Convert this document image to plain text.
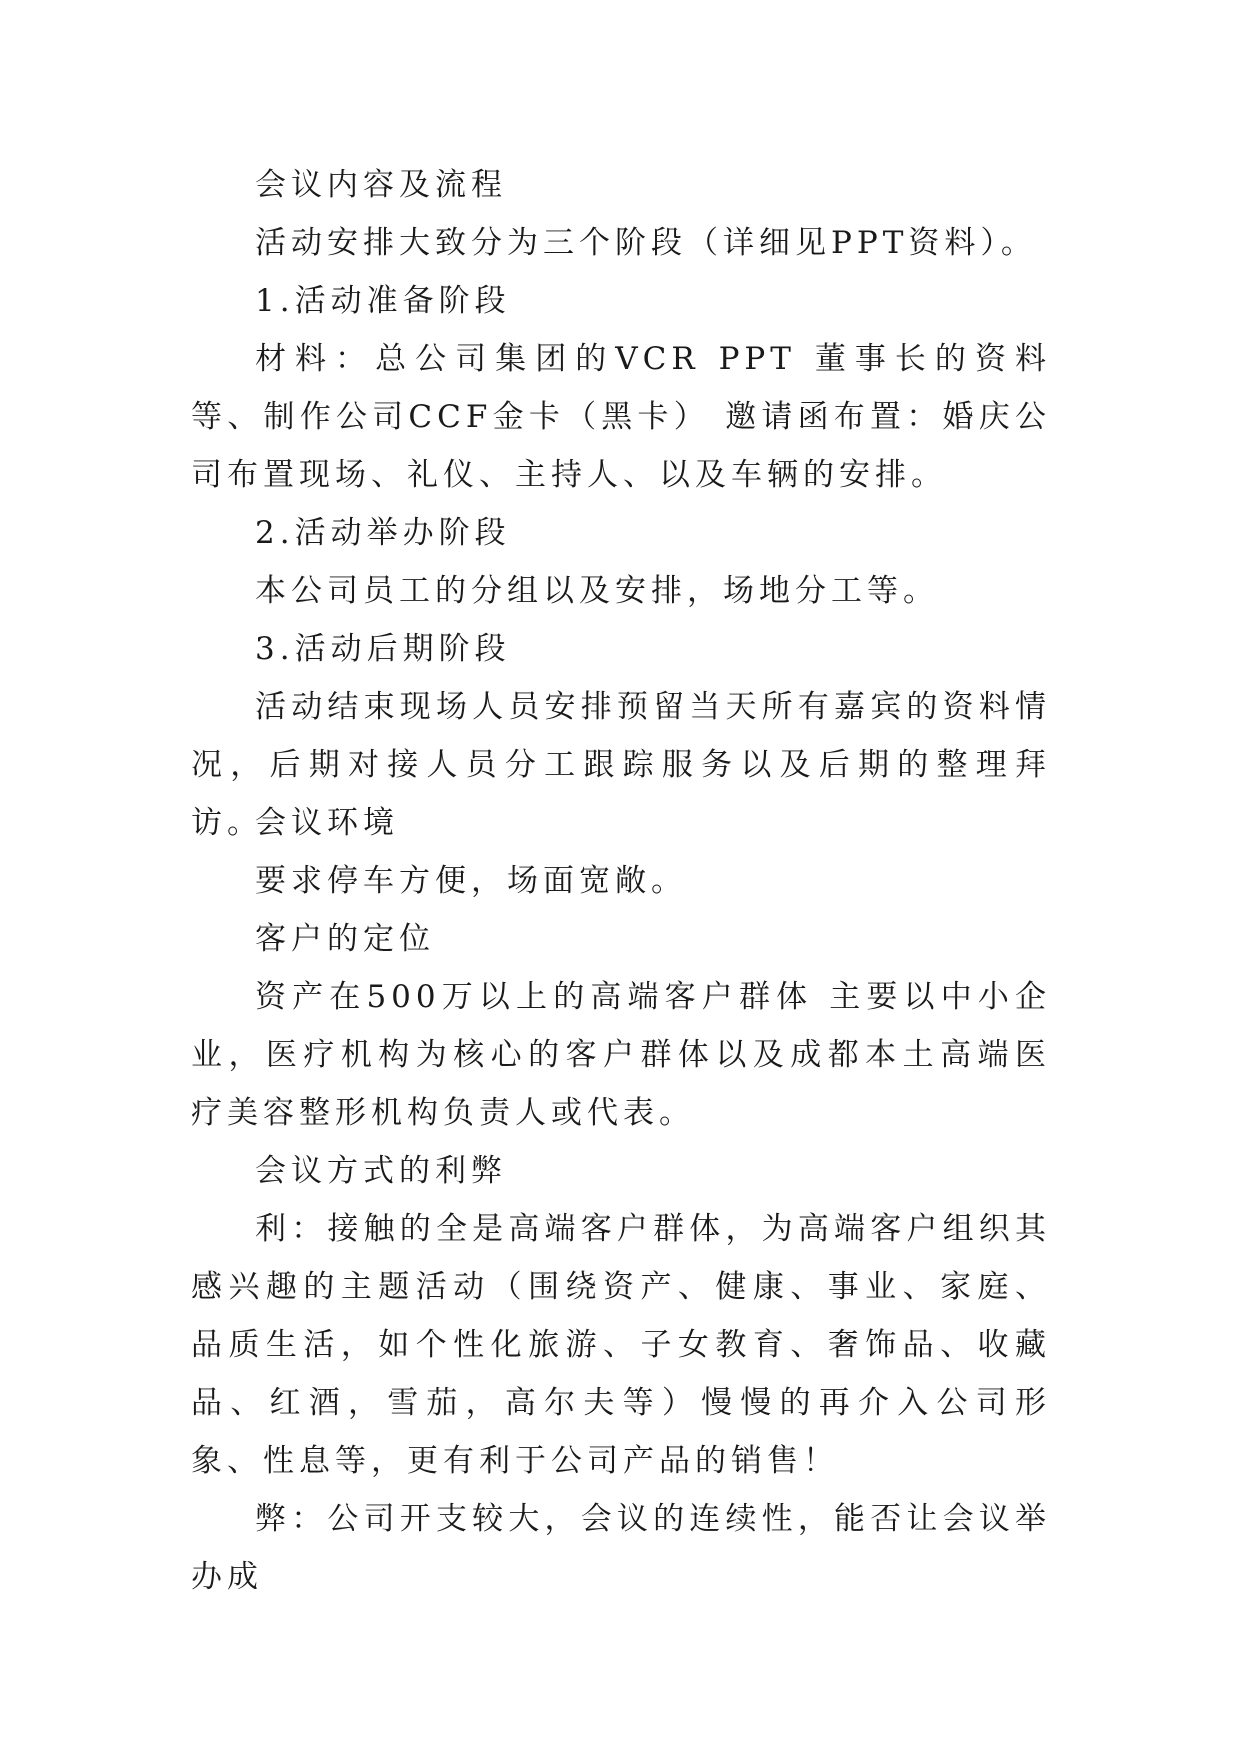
会议内容及流程

活动安排大致分为三个阶段（详细见PPT资料）。

1.活动准备阶段

材料：总公司集团的VCR PPT 董事长的资料等、制作公司CCF金卡（黑卡） 邀请函布置：婚庆公司布置现场、礼仪、主持人、以及车辆的安排。

2.活动举办阶段

本公司员工的分组以及安排，场地分工等。

3.活动后期阶段

活动结束现场人员安排预留当天所有嘉宾的资料情况，后期对接人员分工跟踪服务以及后期的整理拜访。

会议环境

要求停车方便，场面宽敞。

客户的定位

资产在500万以上的高端客户群体 主要以中小企业，医疗机构为核心的客户群体以及成都本土高端医疗美容整形机构负责人或代表。

会议方式的利弊

利：接触的全是高端客户群体，为高端客户组织其感兴趣的主题活动（围绕资产、健康、事业、家庭、品质生活，如个性化旅游、子女教育、奢饰品、收藏品、红酒，雪茄，高尔夫等）慢慢的再介入公司形象、性息等，更有利于公司产品的销售！

弊：公司开支较大，会议的连续性，能否让会议举办成
